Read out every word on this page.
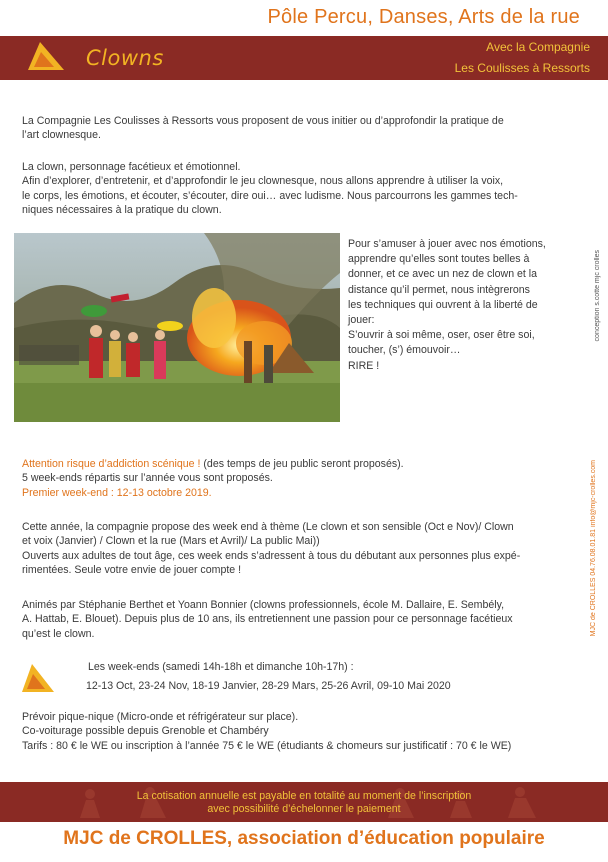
Pôle Percu, Danses, Arts de la rue
Clowns	Avec la Compagnie
Les Coulisses à Ressorts
La Compagnie Les Coulisses à Ressorts vous proposent de vous initier ou d’approfondir la pratique de
l’art clownesque.
La clown, personnage facétieux et émotionnel.
Afin d’explorer, d’entretenir, et d’approfondir le jeu clownesque, nous allons apprendre à utiliser la voix,
le corps, les émotions, et écouter, s’écouter, dire oui… avec ludisme. Nous parcourrons les gammes tech-
niques nécessaires à la pratique du clown.
Pour s’amuser à jouer avec nos émotions,
apprendre qu’elles sont toutes belles à
donner, et ce avec un nez de clown et la
distance qu’il permet, nous intègrerons
les techniques qui ouvrent à la liberté de
jouer:
S’ouvrir à soi même, oser, oser être soi,
toucher, (s’) émouvoir…
RIRE !
conception s.cotte mjc crolles
MJC de CROLLES 04.76.08.01.81 info@mjc-crolles.com
Attention risque d’addiction scénique ! (des temps de jeu public seront proposés).
5 week-ends répartis sur l’année vous sont proposés.
Premier week-end : 12-13 octobre 2019.
Cette année, la compagnie propose des week end à thème (Le clown et son sensible (Oct e Nov)/ Clown
et voix (Janvier) / Clown et la rue (Mars et Avril)/ La public Mai))
Ouverts aux adultes de tout âge, ces week ends s’adressent à tous du débutant aux personnes plus expé-
rimentées. Seule votre envie de jouer compte !
Animés par Stéphanie Berthet et Yoann Bonnier (clowns professionnels, école M. Dallaire, E. Sembély,
A. Hattab, E. Blouet). Depuis plus de 10 ans, ils entretiennent une passion pour ce personnage facétieux
qu’est le clown.
Les week-ends (samedi 14h-18h et dimanche 10h-17h) :
12-13 Oct, 23-24 Nov, 18-19 Janvier, 28-29 Mars, 25-26 Avril, 09-10 Mai 2020
Prévoir pique-nique (Micro-onde et réfrigérateur sur place).
Co-voiturage possible depuis Grenoble et Chambéry
Tarifs : 80 € le WE ou inscription à l’année 75 € le WE (étudiants & chomeurs sur justificatif : 70 € le WE)
La cotisation annuelle est payable en totalité au moment de l’inscription
avec possibilité d’échelonner le paiement
MJC de CROLLES, association d’éducation populaire
